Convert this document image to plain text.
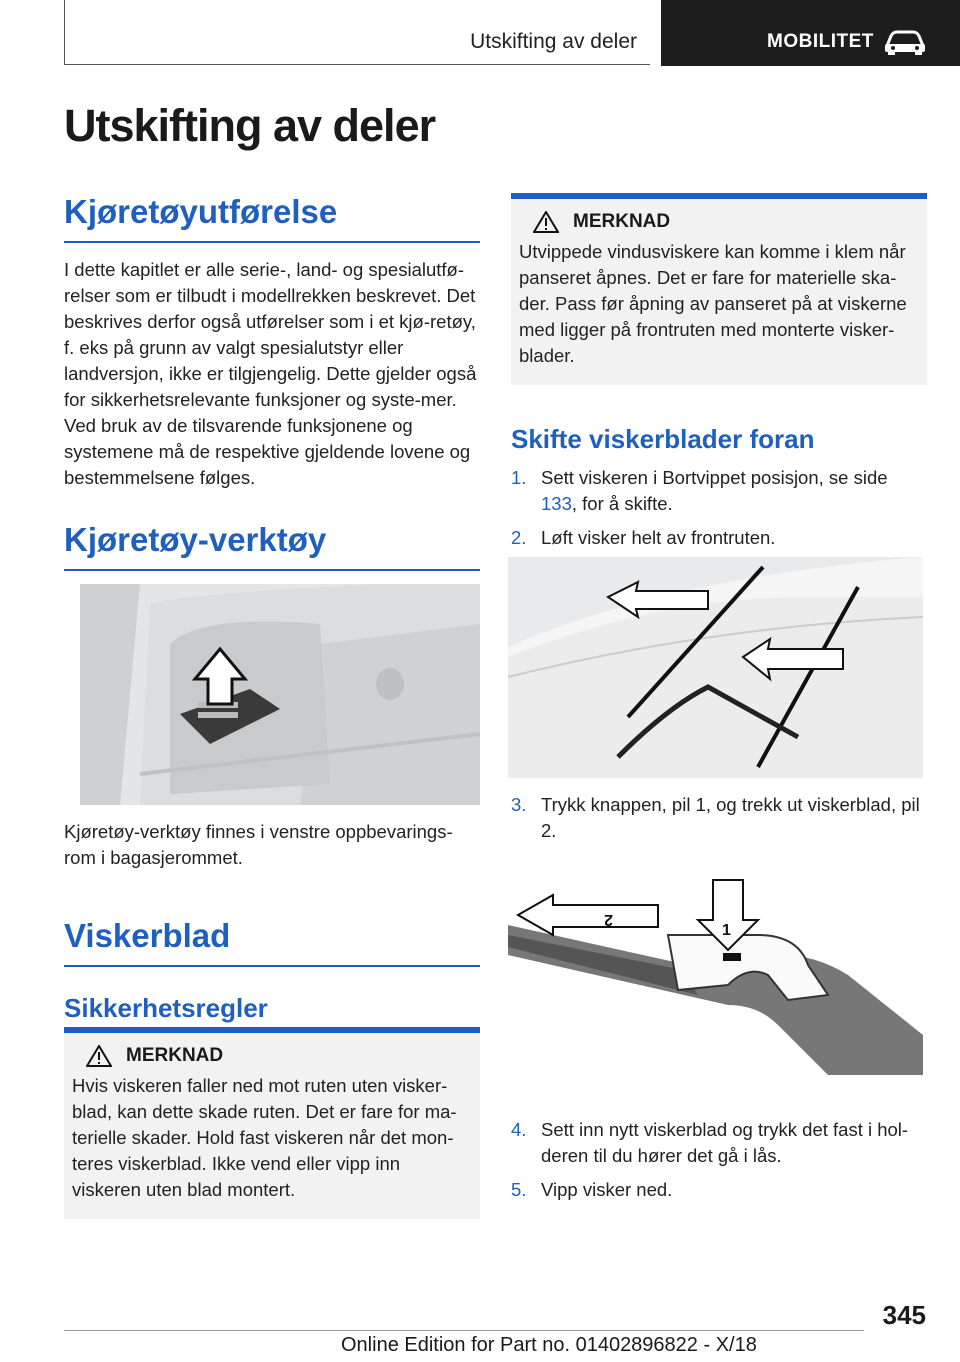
Utskifting av deler	MOBILITET
Utskifting av deler
Kjøretøyutførelse

I dette kapitlet er alle serie-, land- og spesialutfø-relser som er tilbudt i modellrekken beskrevet. Det beskrives derfor også utførelser som i et kjø-retøy, f. eks på grunn av valgt spesialutstyr eller landversjon, ikke er tilgjengelig. Dette gjelder også for sikkerhetsrelevante funksjoner og syste-mer. Ved bruk av de tilsvarende funksjonene og systemene må de respektive gjeldende lovene og bestemmelsene følges.

Kjøretøy-verktøy

Kjøretøy-verktøy finnes i venstre oppbevarings-rom i bagasjerommet.

Viskerblad
Sikkerhetsregler
MERKNAD

Hvis viskeren faller ned mot ruten uten visker-blad, kan dette skade ruten. Det er fare for ma-terielle skader. Hold fast viskeren når det mon-teres viskerblad. Ikke vend eller vipp inn viskeren uten blad montert.

MERKNAD

Utvippede vindusviskere kan komme i klem når panseret åpnes. Det er fare for materielle ska-der. Pass før åpning av panseret på at viskerne med ligger på frontruten med monterte visker-blader.

Skifte viskerblader foran
1. Sett viskeren i Bortvippet posisjon, se side 133, for å skifte.
2. Løft visker helt av frontruten.
3. Trykk knappen, pil 1, og trekk ut viskerblad, pil 2.
1
2
4. Sett inn nytt viskerblad og trykk det fast i hol-deren til du hører det gå i lås.
5. Vipp visker ned.
345
Online Edition for Part no. 01402896822 - X/18
